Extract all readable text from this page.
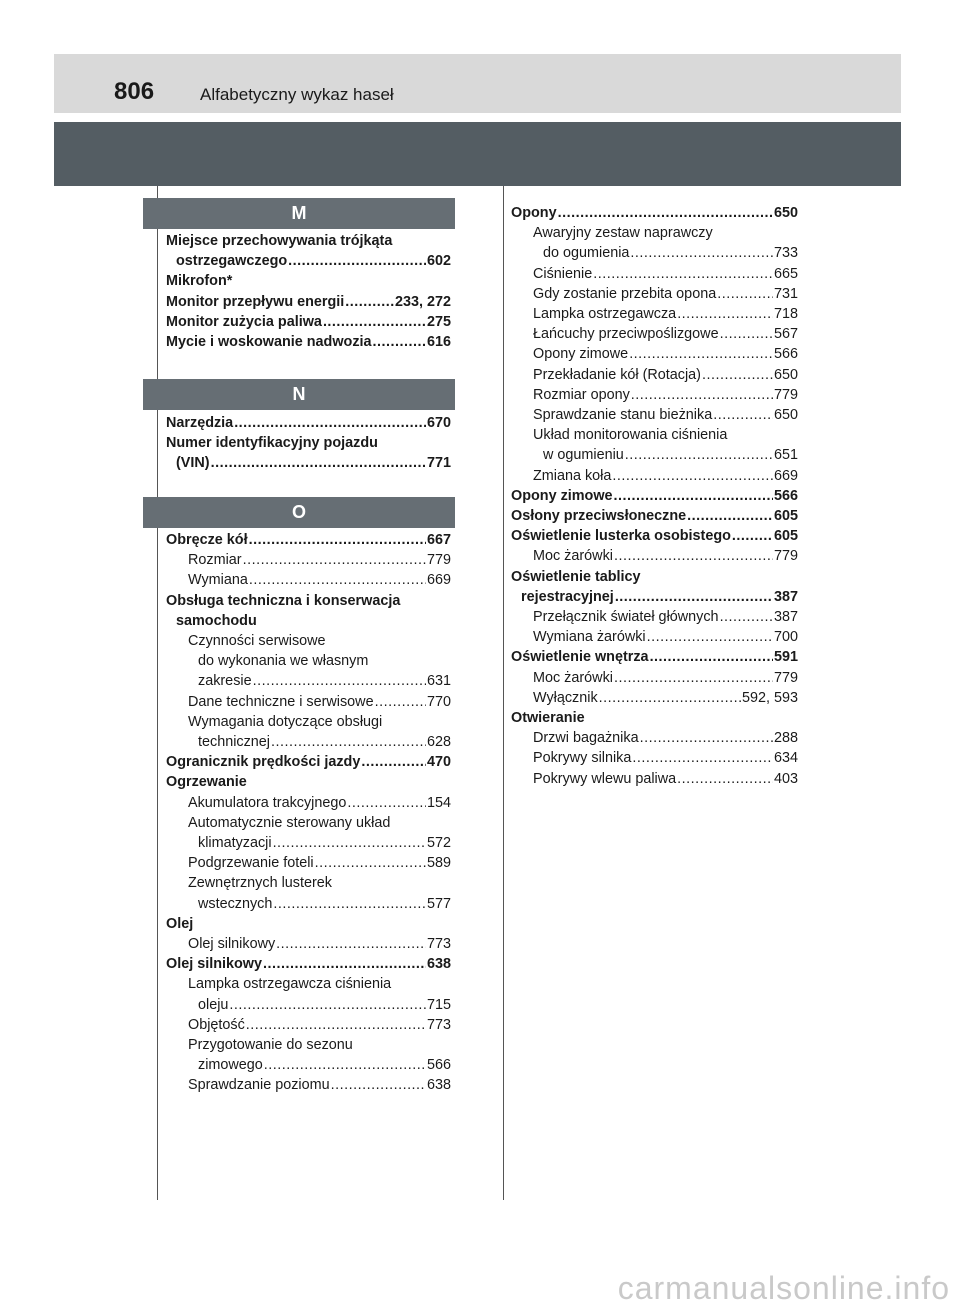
806	Alfabetyczny wykaz haseł
M
Miejsce przechowywania trójkąta
ostrzegawczego .....	602
Mikrofon*
Monitor przepływu energii .....	233, 272
Monitor zużycia paliwa .....	275
Mycie i woskowanie nadwozia .....	616
N
Narzędzia .....	670
Numer identyfikacyjny pojazdu
(VIN) .....	771
O
Obręcze kół .....	667
Rozmiar .....	779
Wymiana .....	669
Obsługa techniczna i konserwacja
samochodu
Czynności serwisowe
do wykonania we własnym
zakresie .....	631
Dane techniczne i serwisowe .....	770
Wymagania dotyczące obsługi
technicznej .....	628
Ogranicznik prędkości jazdy .....	470
Ogrzewanie
Akumulatora trakcyjnego .....	154
Automatycznie sterowany układ
klimatyzacji .....	572
Podgrzewanie foteli .....	589
Zewnętrznych lusterek
wstecznych .....	577
Olej
Olej silnikowy .....	773
Olej silnikowy .....	638
Lampka ostrzegawcza ciśnienia
oleju .....	715
Objętość .....	773
Przygotowanie do sezonu
zimowego .....	566
Sprawdzanie poziomu .....	638
Opony .....	650
Awaryjny zestaw naprawczy
do ogumienia .....	733
Ciśnienie .....	665
Gdy zostanie przebita opona .....	731
Lampka ostrzegawcza .....	718
Łańcuchy przeciwpoślizgowe .....	567
Opony zimowe .....	566
Przekładanie kół (Rotacja) .....	650
Rozmiar opony .....	779
Sprawdzanie stanu bieżnika .....	650
Układ monitorowania ciśnienia
w ogumieniu .....	651
Zmiana koła .....	669
Opony zimowe .....	566
Osłony przeciwsłoneczne .....	605
Oświetlenie lusterka osobistego .....	605
Moc żarówki .....	779
Oświetlenie tablicy
rejestracyjnej .....	387
Przełącznik świateł głównych .....	387
Wymiana żarówki .....	700
Oświetlenie wnętrza .....	591
Moc żarówki .....	779
Wyłącznik .....	592, 593
Otwieranie
Drzwi bagażnika .....	288
Pokrywy silnika .....	634
Pokrywy wlewu paliwa .....	403
carmanualsonline.info
